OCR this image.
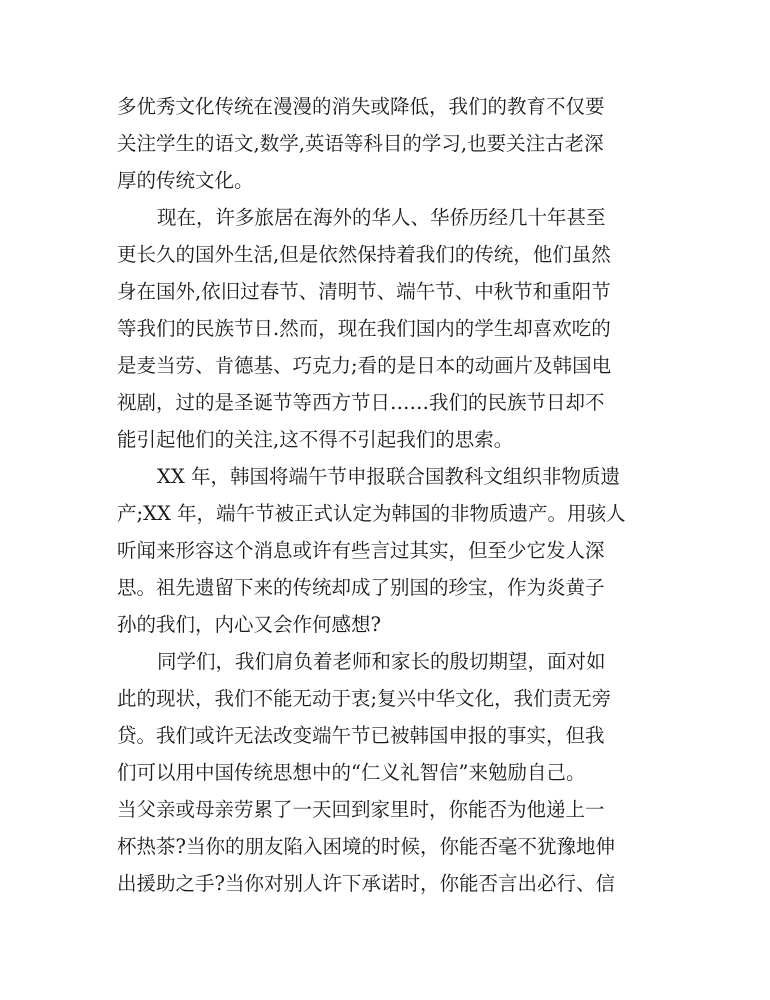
多优秀文化传统在漫漫的消失或降低，我们的教育不仅要
关注学生的语文,数学,英语等科目的学习,也要关注古老深
厚的传统文化。
现在，许多旅居在海外的华人、华侨历经几十年甚至
更长久的国外生活,但是依然保持着我们的传统，他们虽然
身在国外,依旧过春节、清明节、端午节、中秋节和重阳节
等我们的民族节日.然而，现在我们国内的学生却喜欢吃的
是麦当劳、肯德基、巧克力;看的是日本的动画片及韩国电
视剧，过的是圣诞节等西方节日……我们的民族节日却不
能引起他们的关注,这不得不引起我们的思索。
XX 年，韩国将端午节申报联合国教科文组织非物质遗
产;XX 年，端午节被正式认定为韩国的非物质遗产。用骇人
听闻来形容这个消息或许有些言过其实，但至少它发人深
思。祖先遗留下来的传统却成了别国的珍宝，作为炎黄子
孙的我们，内心又会作何感想?
同学们，我们肩负着老师和家长的殷切期望，面对如
此的现状，我们不能无动于衷;复兴中华文化，我们责无旁
贷。我们或许无法改变端午节已被韩国申报的事实，但我
们可以用中国传统思想中的“仁义礼智信”来勉励自己。
当父亲或母亲劳累了一天回到家里时，你能否为他递上一
杯热茶?当你的朋友陷入困境的时候，你能否毫不犹豫地伸
出援助之手?当你对别人许下承诺时，你能否言出必行、信
